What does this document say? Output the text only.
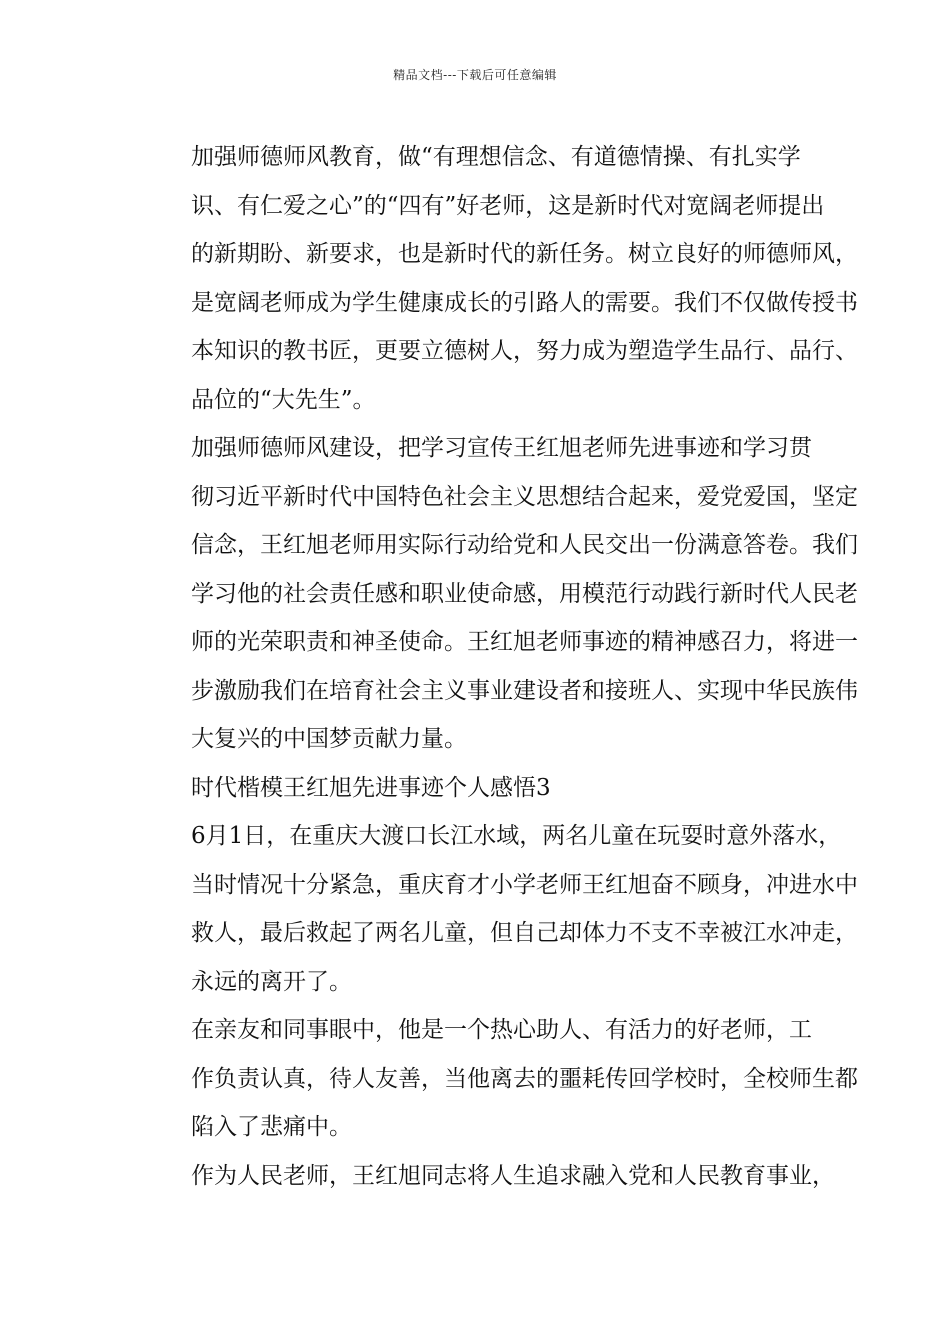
精品文档---下载后可任意编辑

加强师德师风教育，做“有理想信念、有道德情操、有扎实学
识、有仁爱之心”的“四有”好老师，这是新时代对宽阔老师提出
的新期盼、新要求，也是新时代的新任务。树立良好的师德师风，
是宽阔老师成为学生健康成长的引路人的需要。我们不仅做传授书
本知识的教书匠，更要立德树人，努力成为塑造学生品行、品行、
品位的“大先生”。

加强师德师风建设，把学习宣传王红旭老师先进事迹和学习贯
彻习近平新时代中国特色社会主义思想结合起来，爱党爱国，坚定
信念，王红旭老师用实际行动给党和人民交出一份满意答卷。我们
学习他的社会责任感和职业使命感，用模范行动践行新时代人民老
师的光荣职责和神圣使命。王红旭老师事迹的精神感召力，将进一
步激励我们在培育社会主义事业建设者和接班人、实现中华民族伟
大复兴的中国梦贡献力量。

时代楷模王红旭先进事迹个人感悟3

6月1日，在重庆大渡口长江水域，两名儿童在玩耍时意外落水，
当时情况十分紧急，重庆育才小学老师王红旭奋不顾身，冲进水中
救人，最后救起了两名儿童，但自己却体力不支不幸被江水冲走，
永远的离开了。

在亲友和同事眼中，他是一个热心助人、有活力的好老师，工
作负责认真，待人友善，当他离去的噩耗传回学校时，全校师生都
陷入了悲痛中。

作为人民老师，王红旭同志将人生追求融入党和人民教育事业，
